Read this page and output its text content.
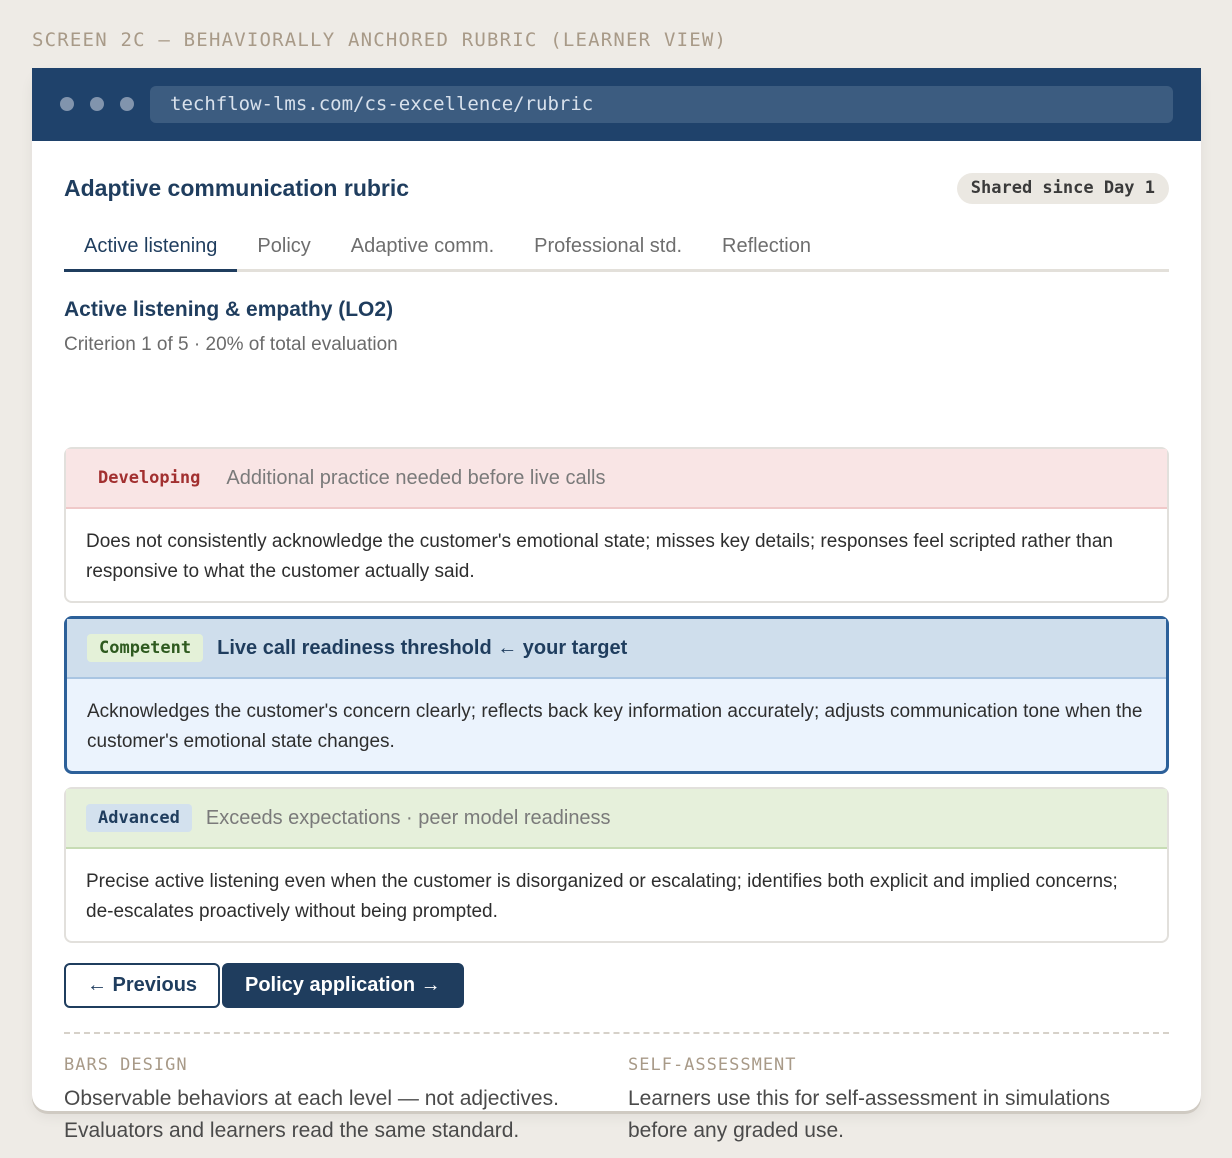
SCREEN 2C — BEHAVIORALLY ANCHORED RUBRIC (LEARNER VIEW)
techflow-lms.com/cs-excellence/rubric
Adaptive communication rubric	Shared since Day 1
Active listening	Policy	Adaptive comm.	Professional std.	Reflection
Active listening & empathy (LO2)
Criterion 1 of 5 · 20% of total evaluation
Developing	Additional practice needed before live calls
Does not consistently acknowledge the customer's emotional state; misses key details; responses feel scripted rather than responsive to what the customer actually said.
Competent	Live call readiness threshold ← your target
Acknowledges the customer's concern clearly; reflects back key information accurately; adjusts communication tone when the customer's emotional state changes.
Advanced	Exceeds expectations · peer model readiness
Precise active listening even when the customer is disorganized or escalating; identifies both explicit and implied concerns; de-escalates proactively without being prompted.
← Previous	Policy application →
BARS DESIGN
Observable behaviors at each level — not adjectives. Evaluators and learners read the same standard.
SELF-ASSESSMENT
Learners use this for self-assessment in simulations before any graded use.
